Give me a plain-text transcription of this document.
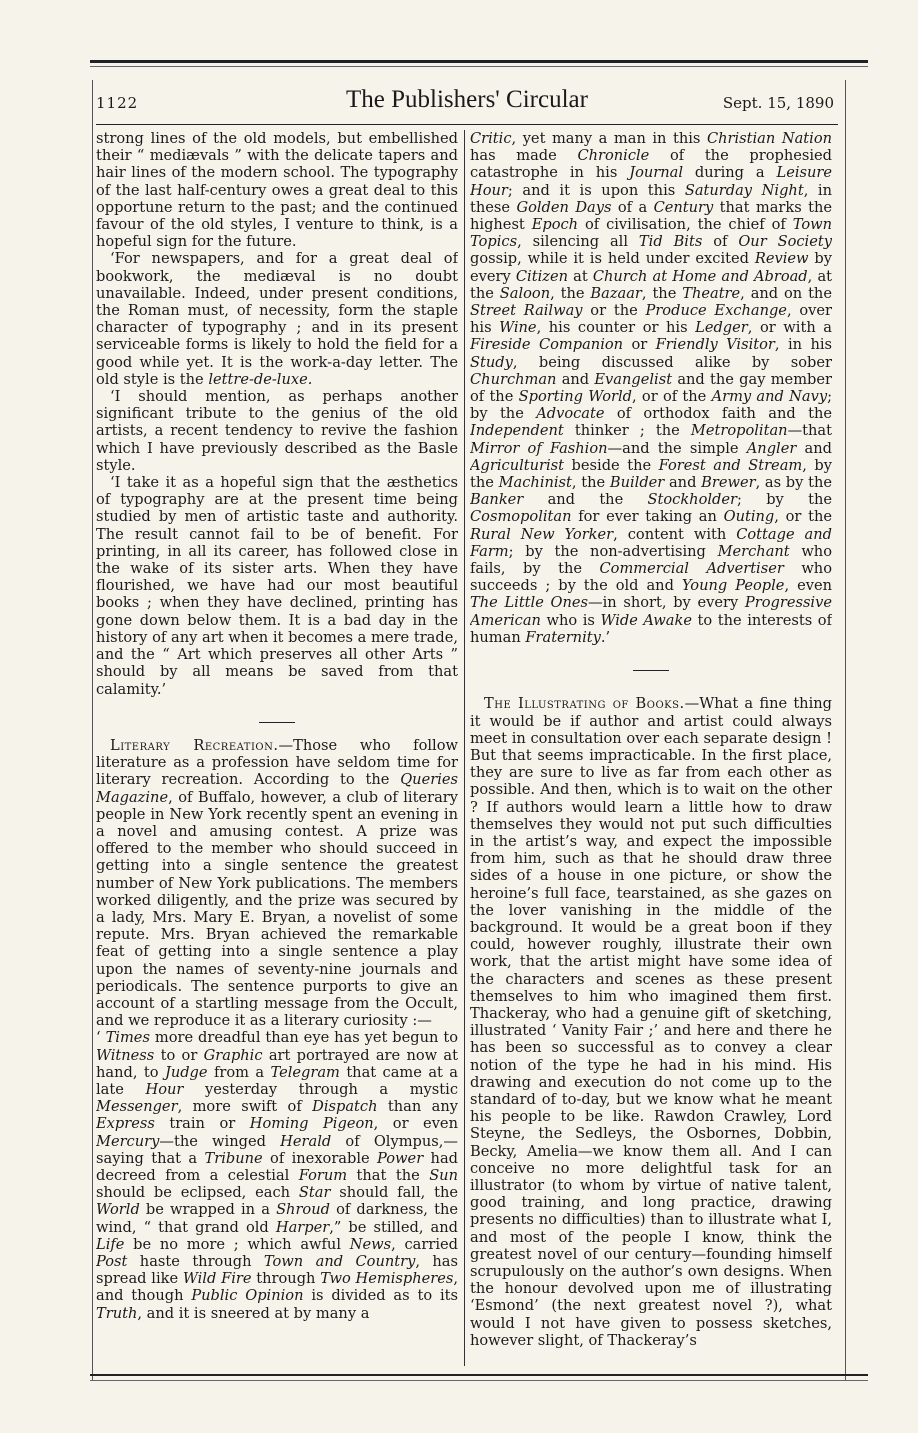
1122	The Publishers' Circular	Sept. 15, 1890

strong lines of the old models, but embellished their “ mediævals ” with the delicate tapers and hair lines of the modern school. The typography of the last half-century owes a great deal to this opportune return to the past; and the continued favour of the old styles, I venture to think, is a hopeful sign for the future.

‘For newspapers, and for a great deal of bookwork, the mediæval is no doubt unavailable. Indeed, under present conditions, the Roman must, of necessity, form the staple character of typography ; and in its present serviceable forms is likely to hold the field for a good while yet. It is the work-a-day letter. The old style is the lettre-de-luxe.

‘I should mention, as perhaps another significant tribute to the genius of the old artists, a recent tendency to revive the fashion which I have previously described as the Basle style.

‘I take it as a hopeful sign that the æsthetics of typography are at the present time being studied by men of artistic taste and authority. The result cannot fail to be of benefit. For printing, in all its career, has followed close in the wake of its sister arts. When they have flourished, we have had our most beautiful books ; when they have declined, printing has gone down below them. It is a bad day in the history of any art when it becomes a mere trade, and the “ Art which preserves all other Arts ” should by all means be saved from that calamity.’

Literary Recreation.—Those who follow literature as a profession have seldom time for literary recreation. According to the Queries Magazine, of Buffalo, however, a club of literary people in New York recently spent an evening in a novel and amusing contest. A prize was offered to the member who should succeed in getting into a single sentence the greatest number of New York publications. The members worked diligently, and the prize was secured by a lady, Mrs. Mary E. Bryan, a novelist of some repute. Mrs. Bryan achieved the remarkable feat of getting into a single sentence a play upon the names of seventy-nine journals and periodicals. The sentence purports to give an account of a startling message from the Occult, and we reproduce it as a literary curiosity :—

‘ Times more dreadful than eye has yet begun to Witness to or Graphic art portrayed are now at hand, to Judge from a Telegram that came at a late Hour yesterday through a mystic Messenger, more swift of Dispatch than any Express train or Homing Pigeon, or even Mercury—the winged Herald of Olympus,—saying that a Tribune of inexorable Power had decreed from a celestial Forum that the Sun should be eclipsed, each Star should fall, the World be wrapped in a Shroud of darkness, the wind, “ that grand old Harper,” be stilled, and Life be no more ; which awful News, carried Post haste through Town and Country, has spread like Wild Fire through Two Hemispheres, and though Public Opinion is divided as to its Truth, and it is sneered at by many a

Critic, yet many a man in this Christian Nation has made Chronicle of the prophesied catastrophe in his Journal during a Leisure Hour; and it is upon this Saturday Night, in these Golden Days of a Century that marks the highest Epoch of civilisation, the chief of Town Topics, silencing all Tid Bits of Our Society gossip, while it is held under excited Review by every Citizen at Church at Home and Abroad, at the Saloon, the Bazaar, the Theatre, and on the Street Railway or the Produce Exchange, over his Wine, his counter or his Ledger, or with a Fireside Companion or Friendly Visitor, in his Study, being discussed alike by sober Churchman and Evangelist and the gay member of the Sporting World, or of the Army and Navy; by the Advocate of orthodox faith and the Independent thinker ; the Metropolitan—that Mirror of Fashion—and the simple Angler and Agriculturist beside the Forest and Stream, by the Machinist, the Builder and Brewer, as by the Banker and the Stockholder; by the Cosmopolitan for ever taking an Outing, or the Rural New Yorker, content with Cottage and Farm; by the non-advertising Merchant who fails, by the Commercial Advertiser who succeeds ; by the old and Young People, even The Little Ones—in short, by every Progressive American who is Wide Awake to the interests of human Fraternity.’

The Illustrating of Books.—What a fine thing it would be if author and artist could always meet in consultation over each separate design ! But that seems impracticable. In the first place, they are sure to live as far from each other as possible. And then, which is to wait on the other ? If authors would learn a little how to draw themselves they would not put such difficulties in the artist’s way, and expect the impossible from him, such as that he should draw three sides of a house in one picture, or show the heroine’s full face, tearstained, as she gazes on the lover vanishing in the middle of the background. It would be a great boon if they could, however roughly, illustrate their own work, that the artist might have some idea of the characters and scenes as these present themselves to him who imagined them first. Thackeray, who had a genuine gift of sketching, illustrated ‘ Vanity Fair ;’ and here and there he has been so successful as to convey a clear notion of the type he had in his mind. His drawing and execution do not come up to the standard of to-day, but we know what he meant his people to be like. Rawdon Crawley, Lord Steyne, the Sedleys, the Osbornes, Dobbin, Becky, Amelia—we know them all. And I can conceive no more delightful task for an illustrator (to whom by virtue of native talent, good training, and long practice, drawing presents no difficulties) than to illustrate what I, and most of the people I know, think the greatest novel of our century—founding himself scrupulously on the author’s own designs. When the honour devolved upon me of illustrating ‘Esmond’ (the next greatest novel ?), what would I not have given to possess sketches, however slight, of Thackeray’s
